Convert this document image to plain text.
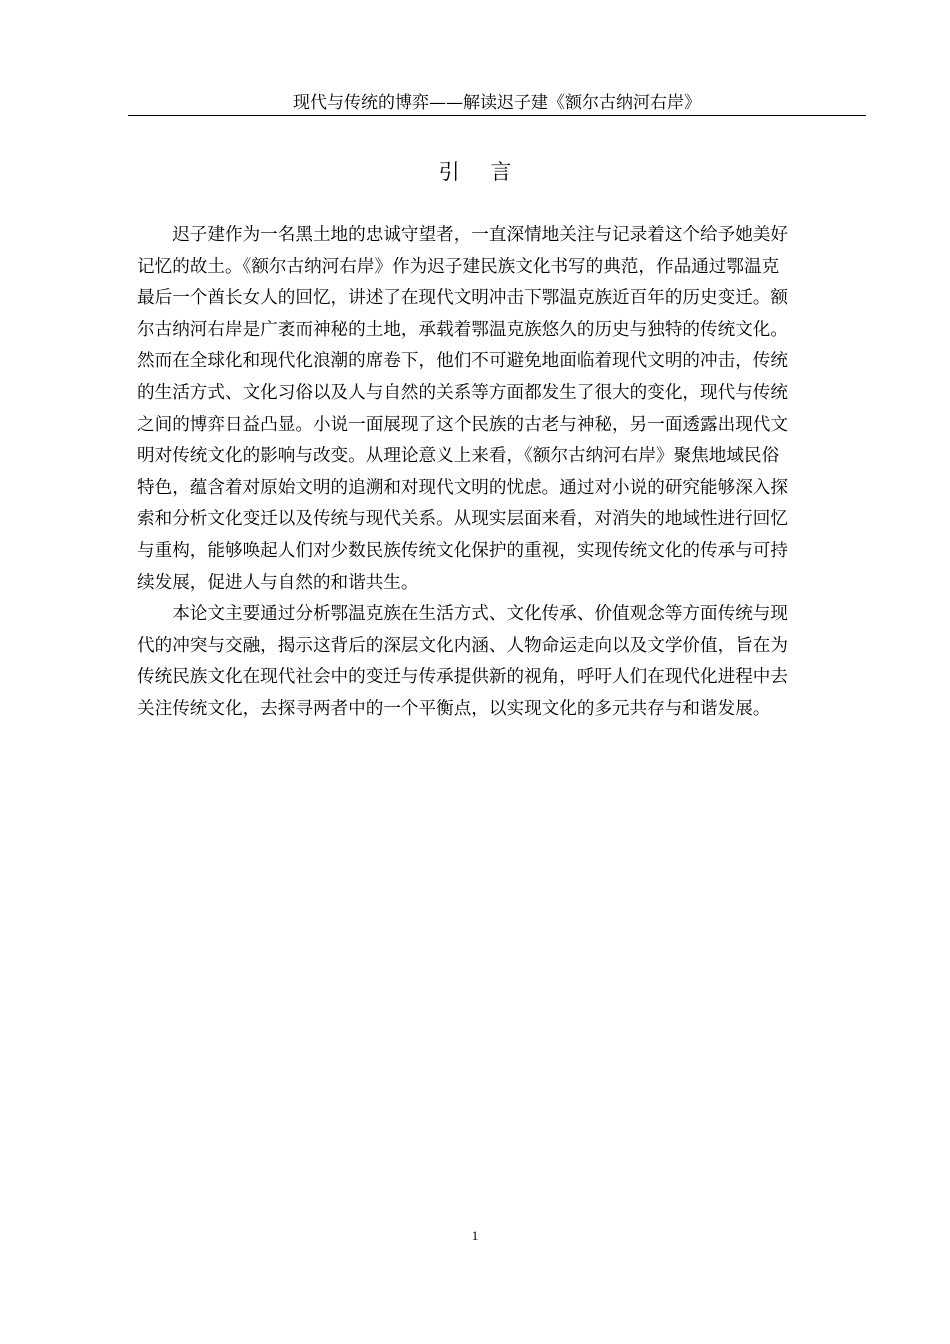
现代与传统的博弈——解读迟子建《额尔古纳河右岸》
引 言
　　迟子建作为一名黑土地的忠诚守望者，一直深情地关注与记录着这个给予她美好
记忆的故土。《额尔古纳河右岸》作为迟子建民族文化书写的典范，作品通过鄂温克
最后一个酋长女人的回忆，讲述了在现代文明冲击下鄂温克族近百年的历史变迁。额
尔古纳河右岸是广袤而神秘的土地，承载着鄂温克族悠久的历史与独特的传统文化。
然而在全球化和现代化浪潮的席卷下，他们不可避免地面临着现代文明的冲击，传统
的生活方式、文化习俗以及人与自然的关系等方面都发生了很大的变化，现代与传统
之间的博弈日益凸显。小说一面展现了这个民族的古老与神秘，另一面透露出现代文
明对传统文化的影响与改变。从理论意义上来看，《额尔古纳河右岸》聚焦地域民俗
特色，蕴含着对原始文明的追溯和对现代文明的忧虑。通过对小说的研究能够深入探
索和分析文化变迁以及传统与现代关系。从现实层面来看，对消失的地域性进行回忆
与重构，能够唤起人们对少数民族传统文化保护的重视，实现传统文化的传承与可持
续发展，促进人与自然的和谐共生。
　　本论文主要通过分析鄂温克族在生活方式、文化传承、价值观念等方面传统与现
代的冲突与交融，揭示这背后的深层文化内涵、人物命运走向以及文学价值，旨在为
传统民族文化在现代社会中的变迁与传承提供新的视角，呼吁人们在现代化进程中去
关注传统文化，去探寻两者中的一个平衡点，以实现文化的多元共存与和谐发展。
1
